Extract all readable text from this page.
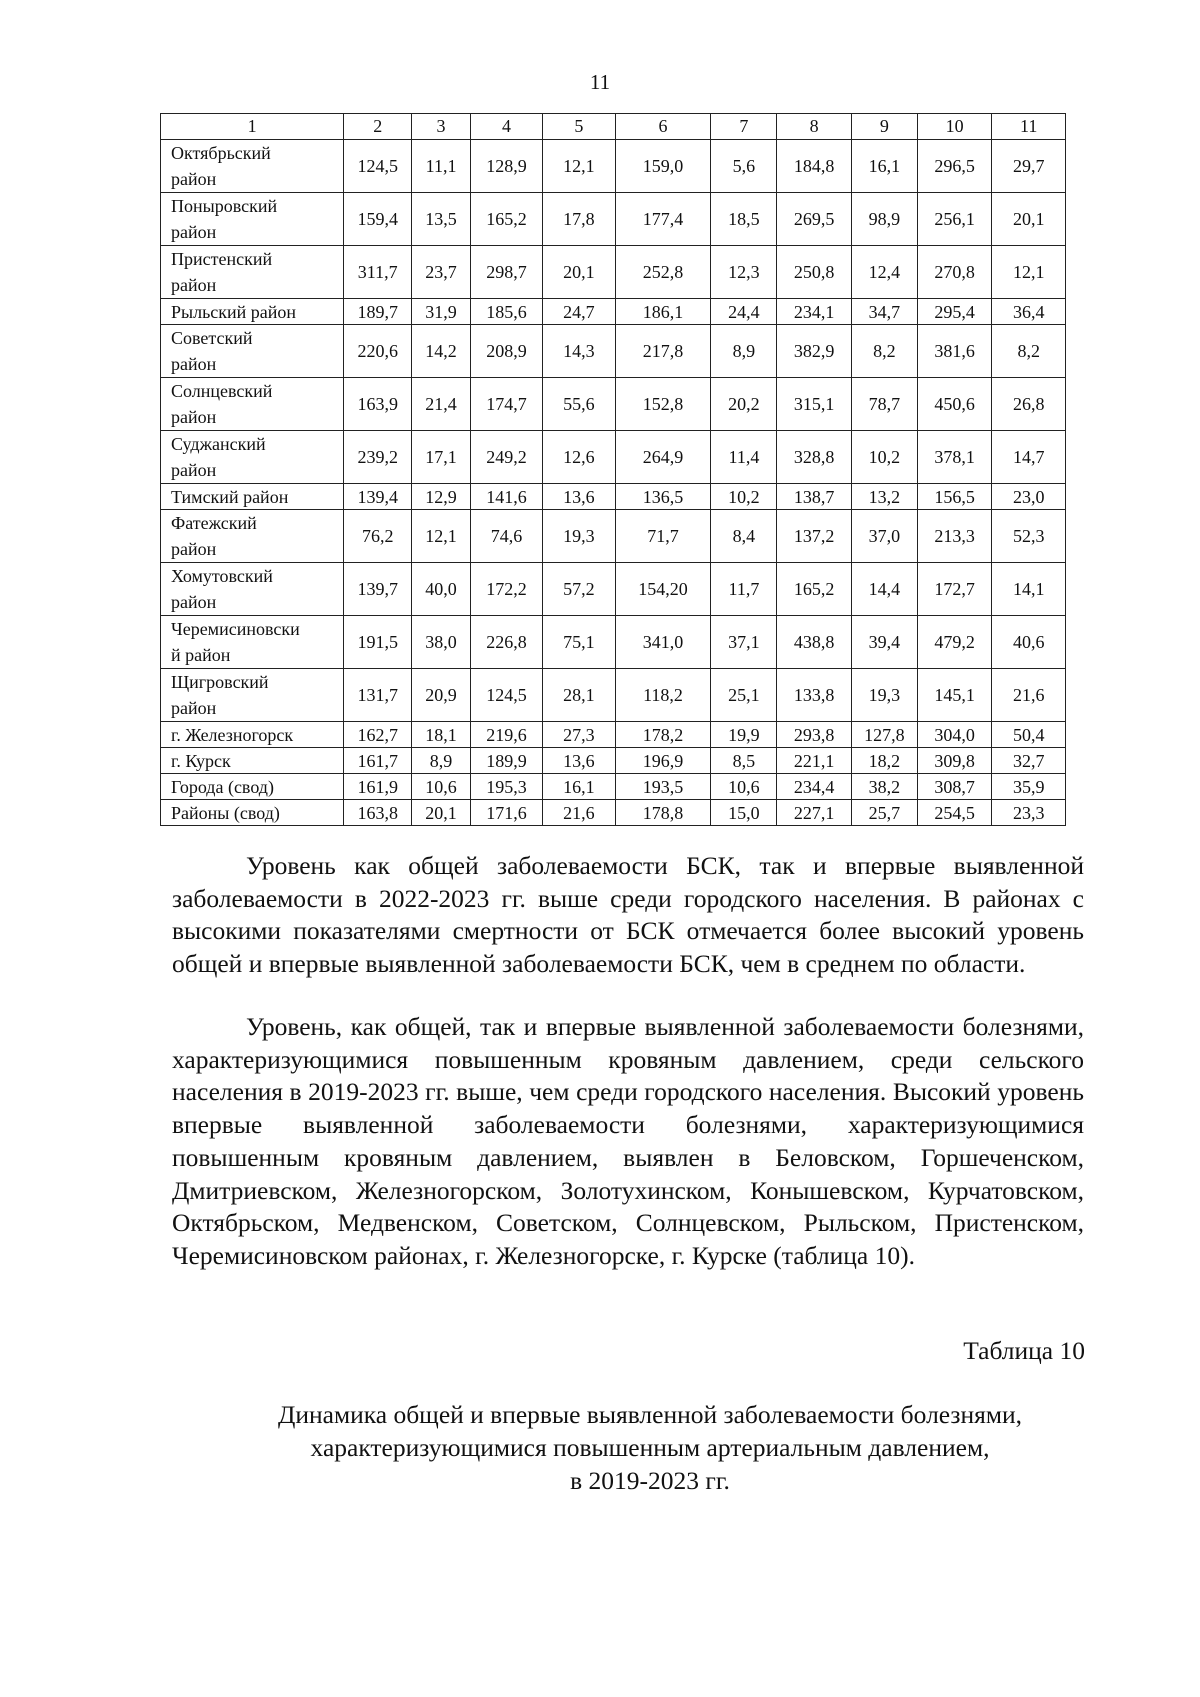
11
1	2	3	4	5	6	7	8	9	10	11

Октябрьский
район	124,5	11,1	128,9	12,1	159,0	5,6	184,8	16,1	296,5	29,7

Поныровский
район	159,4	13,5	165,2	17,8	177,4	18,5	269,5	98,9	256,1	20,1

Пристенский
район	311,7	23,7	298,7	20,1	252,8	12,3	250,8	12,4	270,8	12,1

Рыльский район	189,7	31,9	185,6	24,7	186,1	24,4	234,1	34,7	295,4	36,4

Советский
район	220,6	14,2	208,9	14,3	217,8	8,9	382,9	8,2	381,6	8,2

Солнцевский
район	163,9	21,4	174,7	55,6	152,8	20,2	315,1	78,7	450,6	26,8

Суджанский
район	239,2	17,1	249,2	12,6	264,9	11,4	328,8	10,2	378,1	14,7

Тимский район	139,4	12,9	141,6	13,6	136,5	10,2	138,7	13,2	156,5	23,0

Фатежский
район	76,2	12,1	74,6	19,3	71,7	8,4	137,2	37,0	213,3	52,3

Хомутовский
район	139,7	40,0	172,2	57,2	154,20	11,7	165,2	14,4	172,7	14,1

Черемисиновски
й район	191,5	38,0	226,8	75,1	341,0	37,1	438,8	39,4	479,2	40,6

Щигровский
район	131,7	20,9	124,5	28,1	118,2	25,1	133,8	19,3	145,1	21,6

г. Железногорск	162,7	18,1	219,6	27,3	178,2	19,9	293,8	127,8	304,0	50,4

г. Курск	161,7	8,9	189,9	13,6	196,9	8,5	221,1	18,2	309,8	32,7

Города (свод)	161,9	10,6	195,3	16,1	193,5	10,6	234,4	38,2	308,7	35,9

Районы (свод)	163,8	20,1	171,6	21,6	178,8	15,0	227,1	25,7	254,5	23,3

Уровень как общей заболеваемости БСК, так и впервые выявленной заболеваемости в 2022-2023 гг. выше среди городского населения. В районах с высокими показателями смертности от БСК отмечается более высокий уровень общей и впервые выявленной заболеваемости БСК, чем в среднем по области.

Уровень, как общей, так и впервые выявленной заболеваемости болезнями, характеризующимися повышенным кровяным давлением, среди сельского населения в 2019-2023 гг. выше, чем среди городского населения. Высокий уровень впервые выявленной заболеваемости болезнями, характеризующимися повышенным кровяным давлением, выявлен в Беловском, Горшеченском, Дмитриевском, Железногорском, Золотухинском, Конышевском, Курчатовском, Октябрьском, Медвенском, Советском, Солнцевском, Рыльском, Пристенском, Черемисиновском районах, г. Железногорске, г. Курске (таблица 10).

Таблица 10
Динамика общей и впервые выявленной заболеваемости болезнями,
характеризующимися повышенным артериальным давлением,
в 2019-2023 гг.
